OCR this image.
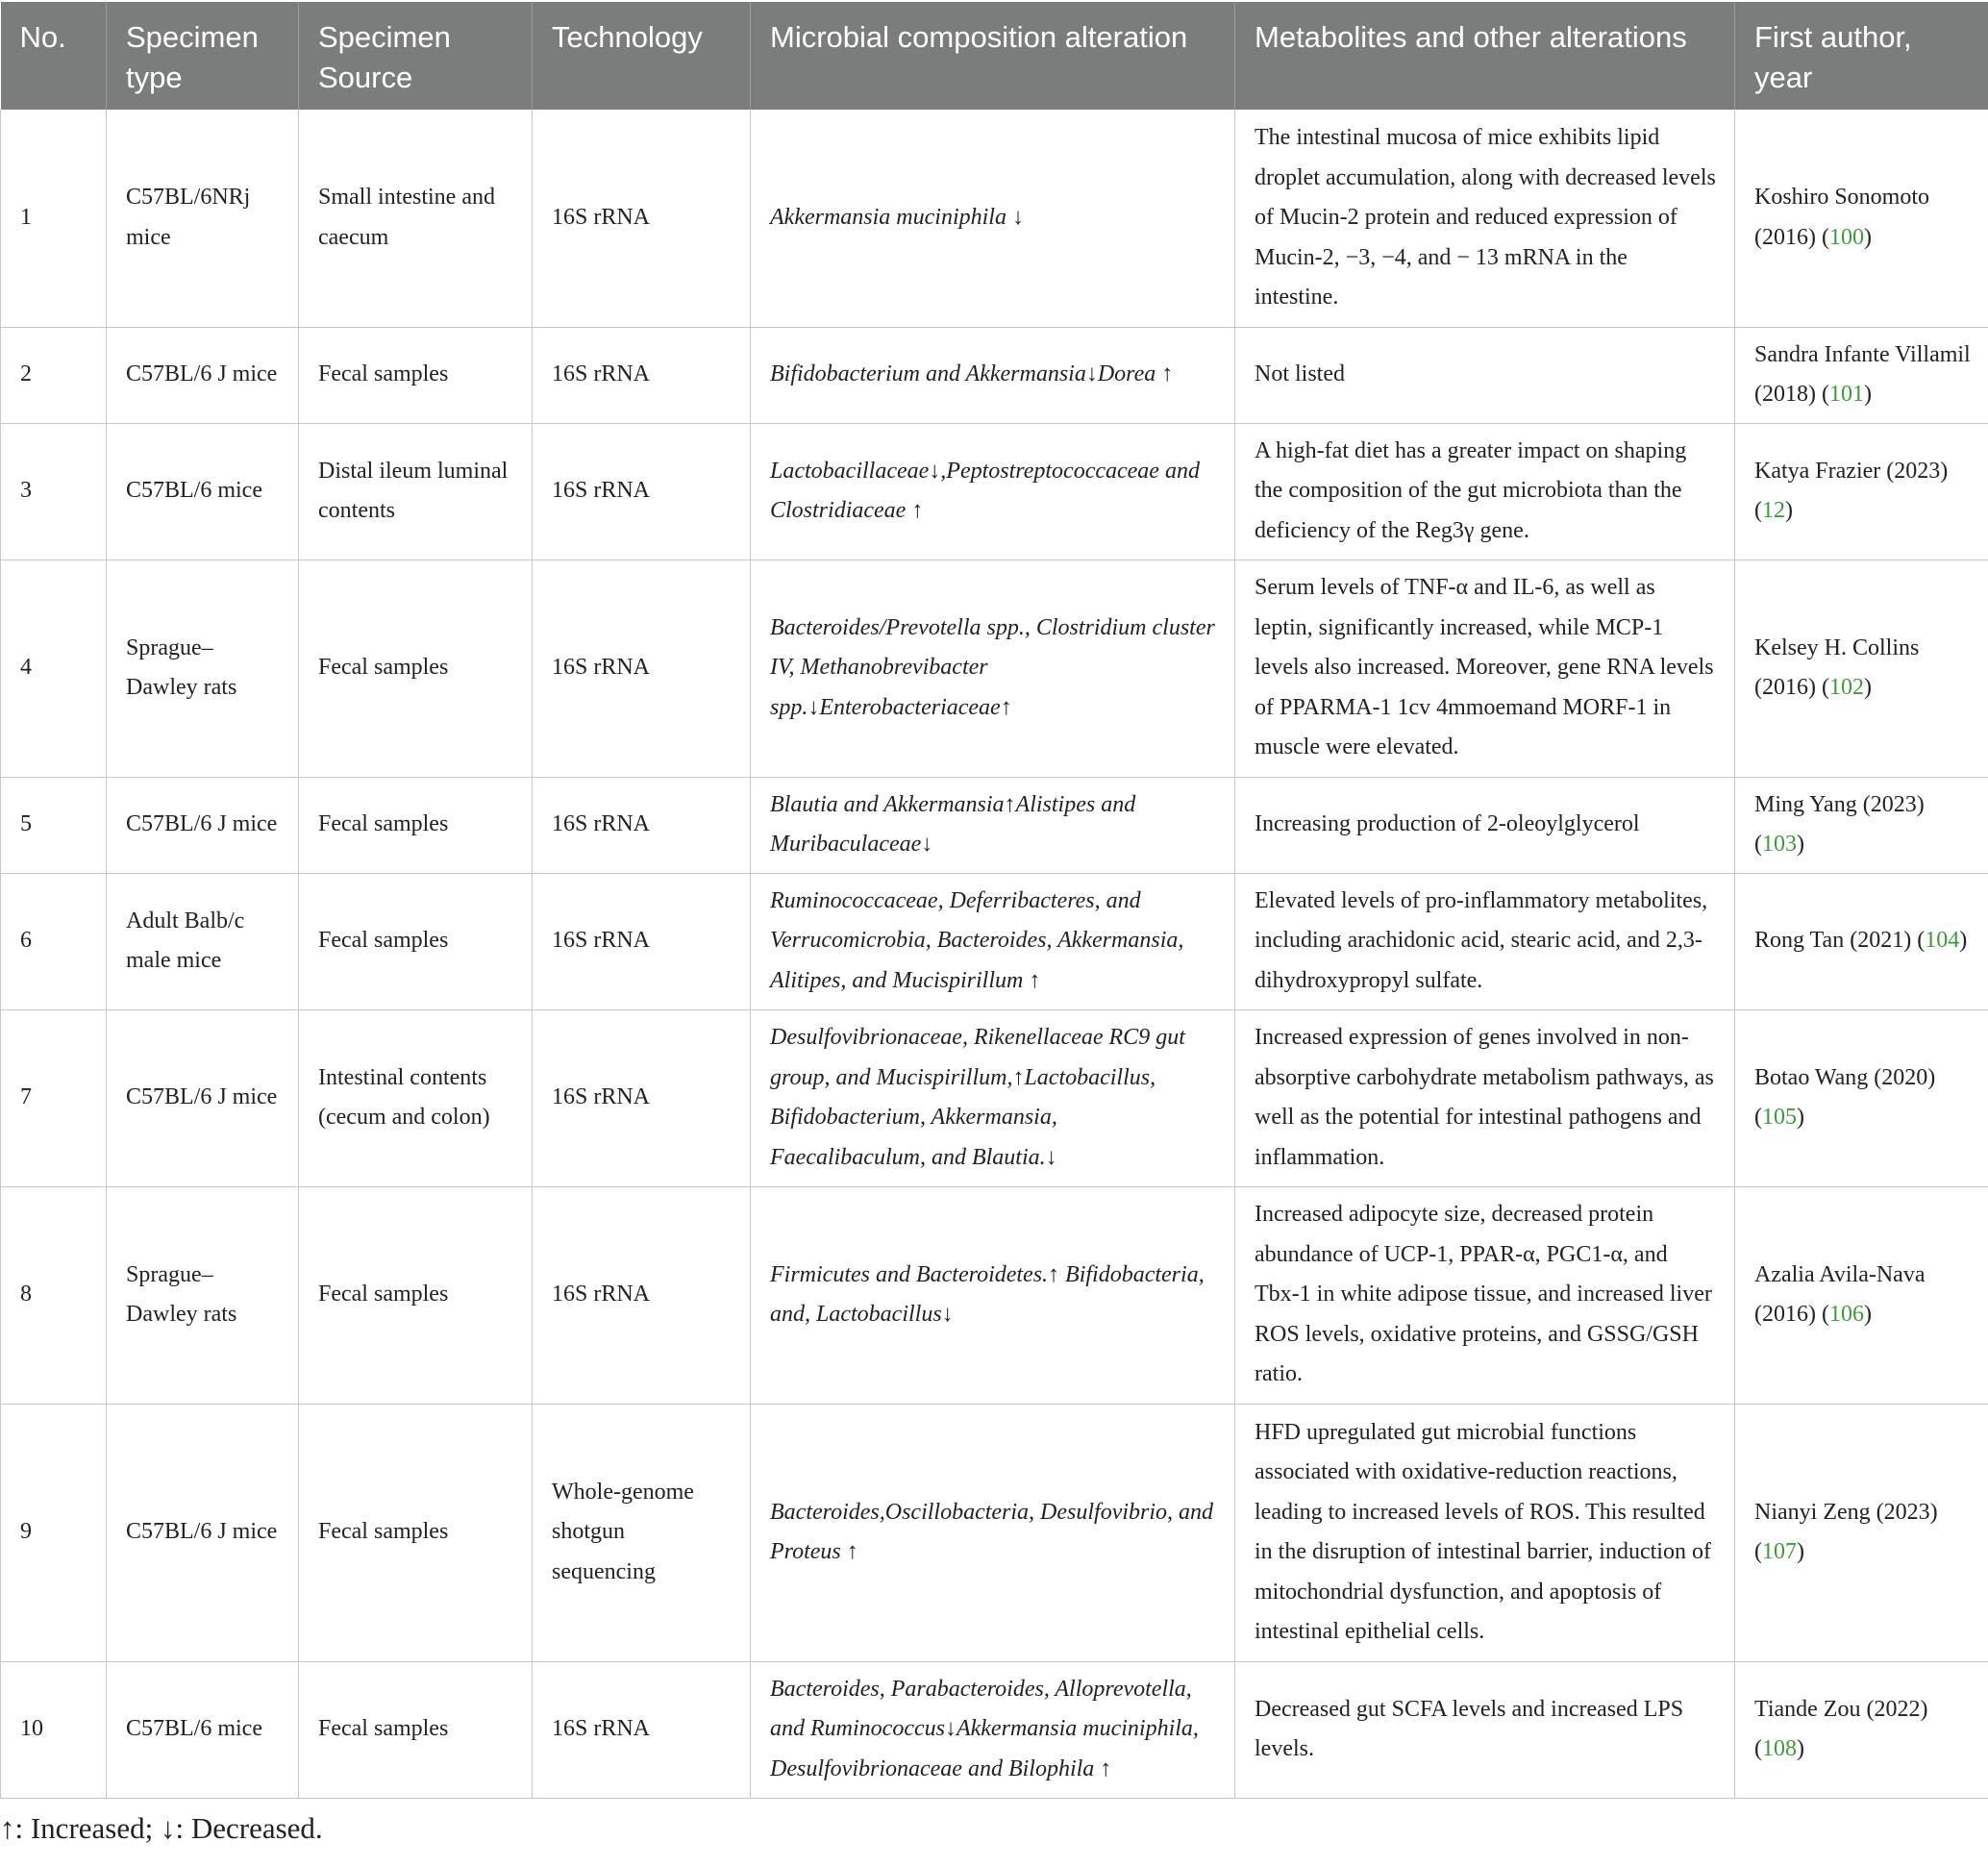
No.	Specimen type	Specimen Source	Technology	Microbial composition alteration	Metabolites and other alterations	First author, year
1	C57BL/6NRj mice	Small intestine and caecum	16S rRNA	Akkermansia muciniphila ↓	The intestinal mucosa of mice exhibits lipid droplet accumulation, along with decreased levels of Mucin-2 protein and reduced expression of Mucin-2, −3, −4, and − 13 mRNA in the intestine.	Koshiro Sonomoto (2016) (100)
2	C57BL/6 J mice	Fecal samples	16S rRNA	Bifidobacterium and Akkermansia↓Dorea ↑	Not listed	Sandra Infante Villamil (2018) (101)
3	C57BL/6 mice	Distal ileum luminal contents	16S rRNA	Lactobacillaceae↓,Peptostreptococcaceae and Clostridiaceae ↑	A high-fat diet has a greater impact on shaping the composition of the gut microbiota than the deficiency of the Reg3γ gene.	Katya Frazier (2023) (12)
4	Sprague–Dawley rats	Fecal samples	16S rRNA	Bacteroides/Prevotella spp., Clostridium cluster IV, Methanobrevibacter spp.↓Enterobacteriaceae↑	Serum levels of TNF-α and IL-6, as well as leptin, significantly increased, while MCP-1 levels also increased. Moreover, gene RNA levels of PPARMA-1 1cv 4mmoemand MORF-1 in muscle were elevated.	Kelsey H. Collins (2016) (102)
5	C57BL/6 J mice	Fecal samples	16S rRNA	Blautia and Akkermansia↑Alistipes and Muribaculaceae↓	Increasing production of 2-oleoylglycerol	Ming Yang (2023) (103)
6	Adult Balb/c male mice	Fecal samples	16S rRNA	Ruminococcaceae, Deferribacteres, and Verrucomicrobia, Bacteroides, Akkermansia, Alitipes, and Mucispirillum ↑	Elevated levels of pro-inflammatory metabolites, including arachidonic acid, stearic acid, and 2,3-dihydroxypropyl sulfate.	Rong Tan (2021) (104)
7	C57BL/6 J mice	Intestinal contents (cecum and colon)	16S rRNA	Desulfovibrionaceae, Rikenellaceae RC9 gut group, and Mucispirillum,↑Lactobacillus, Bifidobacterium, Akkermansia, Faecalibaculum, and Blautia.↓	Increased expression of genes involved in non-absorptive carbohydrate metabolism pathways, as well as the potential for intestinal pathogens and inflammation.	Botao Wang (2020) (105)
8	Sprague–Dawley rats	Fecal samples	16S rRNA	Firmicutes and Bacteroidetes.↑ Bifidobacteria, and, Lactobacillus↓	Increased adipocyte size, decreased protein abundance of UCP-1, PPAR-α, PGC1-α, and Tbx-1 in white adipose tissue, and increased liver ROS levels, oxidative proteins, and GSSG/GSH ratio.	Azalia Avila-Nava (2016) (106)
9	C57BL/6 J mice	Fecal samples	Whole-genome shotgun sequencing	Bacteroides,Oscillobacteria, Desulfovibrio, and Proteus ↑	HFD upregulated gut microbial functions associated with oxidative-reduction reactions, leading to increased levels of ROS. This resulted in the disruption of intestinal barrier, induction of mitochondrial dysfunction, and apoptosis of intestinal epithelial cells.	Nianyi Zeng (2023) (107)
10	C57BL/6 mice	Fecal samples	16S rRNA	Bacteroides, Parabacteroides, Alloprevotella, and Ruminococcus↓Akkermansia muciniphila, Desulfovibrionaceae and Bilophila ↑	Decreased gut SCFA levels and increased LPS levels.	Tiande Zou (2022) (108)
↑: Increased; ↓: Decreased.
